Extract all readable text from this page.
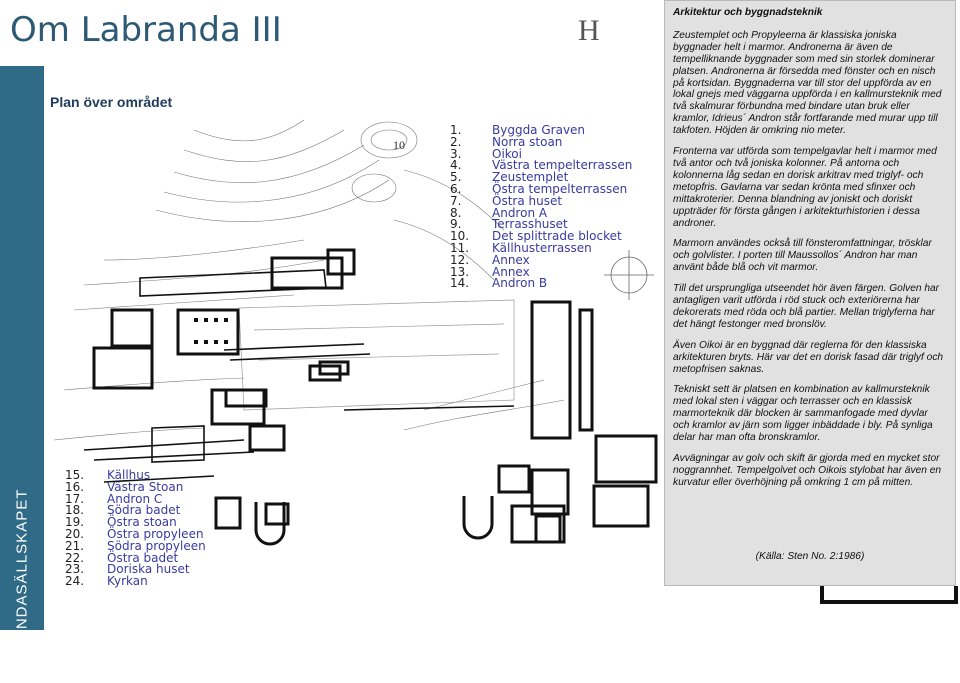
Om Labranda III	H
LABRANDASÄLLSKAPET
Plan över området
10
1.	Byggda Graven
2.	Norra stoan
3.	Oikoi
4.	Västra tempelterrassen
5.	Zeustemplet
6.	Östra tempelterrassen
7.	Östra huset
8.	Andron A
9.	Terrasshuset
10.	Det splittrade blocket
11.	Källhusterrassen
12.	Annex
13.	Annex
14.	Andron B
15.	Källhus
16.	Västra Stoan
17.	Andron C
18.	Södra badet
19.	Östra stoan
20.	Östra propyleen
21.	Södra propyleen
22.	Östra badet
23.	Doriska huset
24.	Kyrkan
Arkitektur och byggnadsteknik

Zeustemplet och Propyleerna är klassiska joniska byggnader helt i marmor. Andronerna är även de tempelliknande byggnader som med sin storlek dominerar platsen. Andronerna är försedda med fönster och en nisch på kortsidan. Byggnaderna var till stor del uppförda av en lokal gnejs med väggarna uppförda i en kallmursteknik med två skalmurar förbundna med bindare utan bruk eller kramlor, Idrieus´ Andron står fortfarande med murar upp till takfoten. Höjden är omkring nio meter.

Fronterna var utförda som tempelgavlar helt i marmor med två antor och två joniska kolonner. På antorna och kolonnerna låg sedan en dorisk arkitrav med triglyf- och metopfris. Gavlarna var sedan krönta med sfinxer och mittakroterier. Denna blandning av joniskt och doriskt uppträder för första gången i arkitekturhistorien i dessa androner.

Marmorn användes också till fönsteromfattningar, trösklar och golvlister. I porten till Maussollos´ Andron har man använt både blå och vit marmor.

Till det ursprungliga utseendet hör även färgen. Golven har antagligen varit utförda i röd stuck och exteriörerna har dekorerats med röda och blå partier. Mellan triglyferna har det hängt festonger med bronslöv.

Även Oikoi är en byggnad där reglerna för den klassiska arkitekturen bryts. Här var det en dorisk fasad där triglyf och metopfrisen saknas.

Tekniskt sett är platsen en kombination av kallmursteknik med lokal sten i väggar och terrasser och en klassisk marmorteknik där blocken är sammanfogade med dyvlar och kramlor av järn som ligger inbäddade i bly. På synliga delar har man ofta bronskramlor.

Avvägningar av golv och skift är gjorda med en mycket stor noggrannhet. Tempelgolvet och Oikois stylobat har även en kurvatur eller överhöjning på omkring 1 cm på mitten.

(Källa: Sten No. 2:1986)
